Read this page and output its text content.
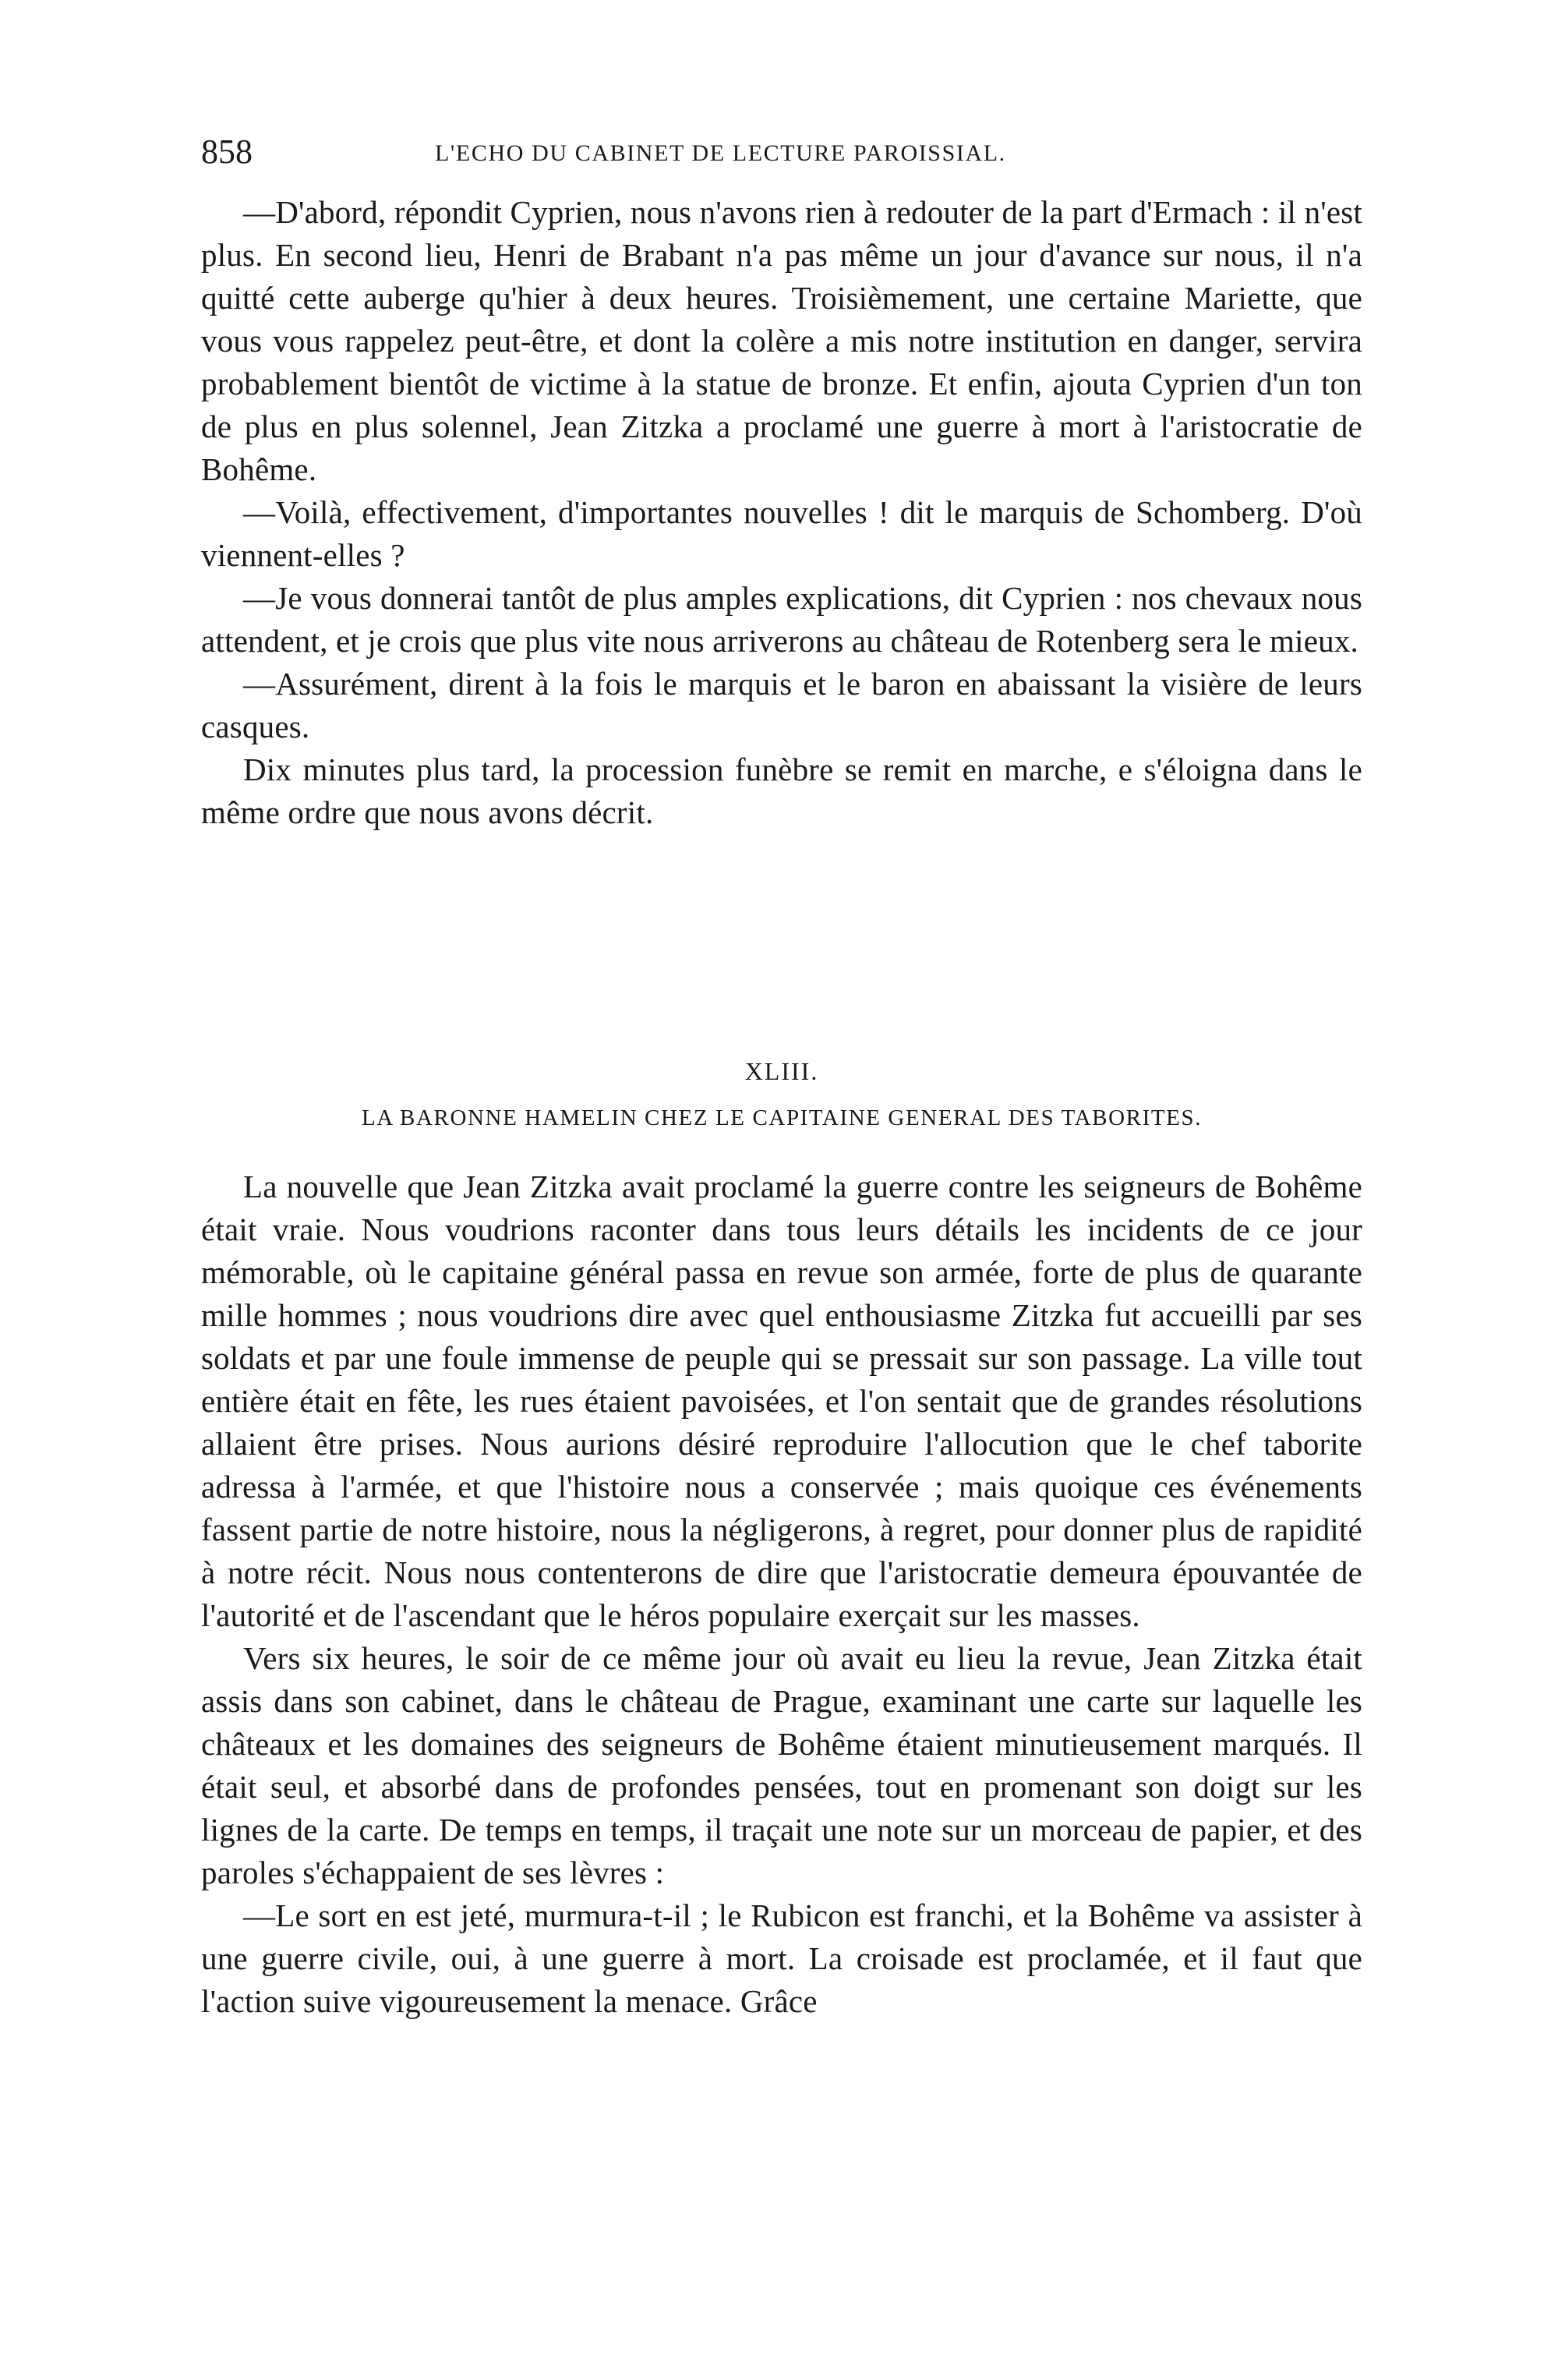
858	L'ECHO DU CABINET DE LECTURE PAROISSIAL.

—D'abord, répondit Cyprien, nous n'avons rien à redouter de la part d'Ermach : il n'est plus. En second lieu, Henri de Brabant n'a pas même un jour d'avance sur nous, il n'a quitté cette auberge qu'hier à deux heures. Troisièmement, une certaine Mariette, que vous vous rappelez peut-être, et dont la colère a mis notre institution en danger, servira probablement bientôt de victime à la statue de bronze. Et enfin, ajouta Cyprien d'un ton de plus en plus solennel, Jean Zitzka a proclamé une guerre à mort à l'aristocratie de Bohême.

—Voilà, effectivement, d'importantes nouvelles ! dit le marquis de Schomberg. D'où viennent-elles ?

—Je vous donnerai tantôt de plus amples explications, dit Cyprien : nos chevaux nous attendent, et je crois que plus vite nous arriverons au château de Rotenberg sera le mieux.

—Assurément, dirent à la fois le marquis et le baron en abaissant la visière de leurs casques.

Dix minutes plus tard, la procession funèbre se remit en marche, e s'éloigna dans le même ordre que nous avons décrit.

XLIII.
LA BARONNE HAMELIN CHEZ LE CAPITAINE GENERAL DES TABORITES.

La nouvelle que Jean Zitzka avait proclamé la guerre contre les seigneurs de Bohême était vraie. Nous voudrions raconter dans tous leurs détails les incidents de ce jour mémorable, où le capitaine général passa en revue son armée, forte de plus de quarante mille hommes ; nous voudrions dire avec quel enthousiasme Zitzka fut accueilli par ses soldats et par une foule immense de peuple qui se pressait sur son passage. La ville tout entière était en fête, les rues étaient pavoisées, et l'on sentait que de grandes résolutions allaient être prises. Nous aurions désiré reproduire l'allocution que le chef taborite adressa à l'armée, et que l'histoire nous a conservée ; mais quoique ces événements fassent partie de notre histoire, nous la négligerons, à regret, pour donner plus de rapidité à notre récit. Nous nous contenterons de dire que l'aristocratie demeura épouvantée de l'autorité et de l'ascendant que le héros populaire exerçait sur les masses.

Vers six heures, le soir de ce même jour où avait eu lieu la revue, Jean Zitzka était assis dans son cabinet, dans le château de Prague, examinant une carte sur laquelle les châteaux et les domaines des seigneurs de Bohême étaient minutieusement marqués. Il était seul, et absorbé dans de profondes pensées, tout en promenant son doigt sur les lignes de la carte. De temps en temps, il traçait une note sur un morceau de papier, et des paroles s'échappaient de ses lèvres :

—Le sort en est jeté, murmura-t-il ; le Rubicon est franchi, et la Bohême va assister à une guerre civile, oui, à une guerre à mort. La croisade est proclamée, et il faut que l'action suive vigoureusement la menace. Grâce
